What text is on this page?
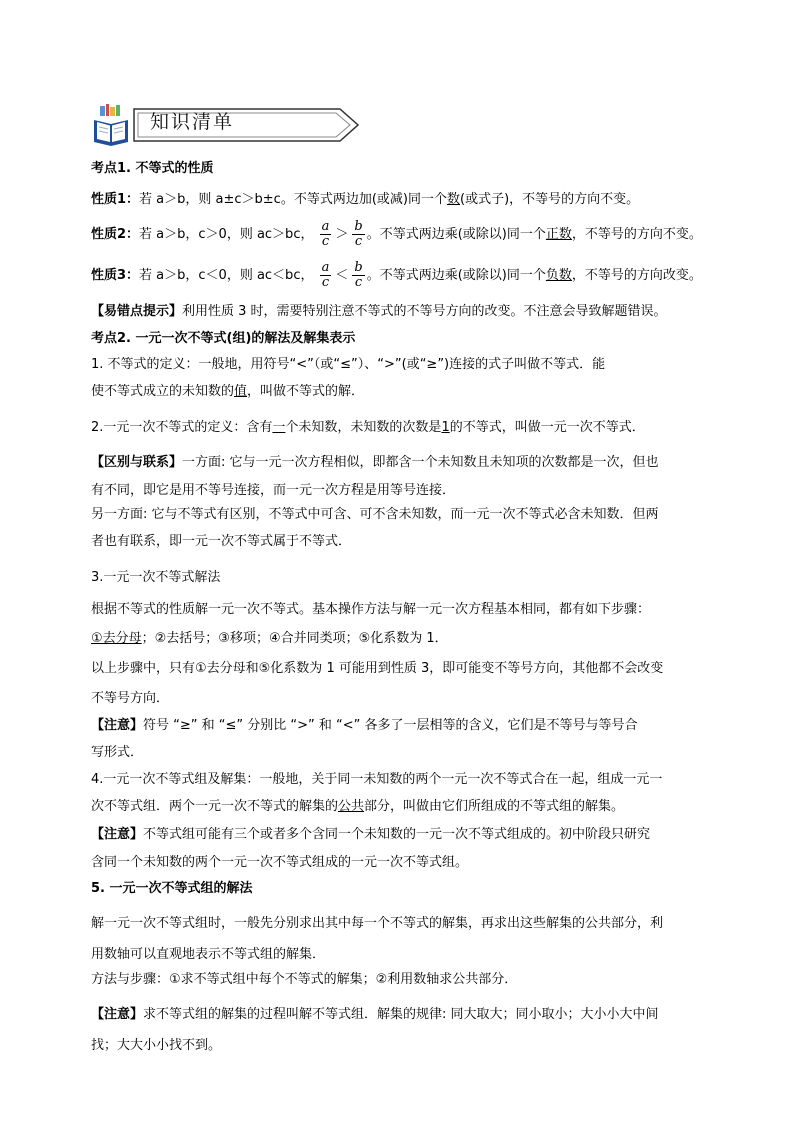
知识清单
考点1. 不等式的性质
性质1：若 a＞b，则 a±c＞b±c。不等式两边加(或减)同一个数(或式子)，不等号的方向不变。
性质2：若 a＞b，c＞0，则 ac＞bc， $\frac{a}{c} > \frac{b}{c}$ 。不等式两边乘(或除以)同一个正数，不等号的方向不变。
性质3：若 a＞b，c＜0，则 ac＜bc， $\frac{a}{c} < \frac{b}{c}$ 。不等式两边乘(或除以)同一个负数，不等号的方向改变。
【易错点提示】利用性质 3 时，需要特别注意不等式的不等号方向的改变。不注意会导致解题错误。
考点2. 一元一次不等式(组)的解法及解集表示
1. 不等式的定义：一般地，用符号“<”（或“≤”）、“>”(或“≥”)连接的式子叫做不等式．能
使不等式成立的未知数的值，叫做不等式的解．
2.一元一次不等式的定义：含有一个未知数，未知数的次数是1的不等式，叫做一元一次不等式．
【区别与联系】一方面: 它与一元一次方程相似，即都含一个未知数且未知项的次数都是一次，但也
有不同，即它是用不等号连接，而一元一次方程是用等号连接．
另一方面: 它与不等式有区别，不等式中可含、可不含未知数，而一元一次不等式必含未知数．但两
者也有联系，即一元一次不等式属于不等式．
3.一元一次不等式解法
根据不等式的性质解一元一次不等式。基本操作方法与解一元一次方程基本相同，都有如下步骤：
①去分母；②去括号；③移项；④合并同类项；⑤化系数为 1．
以上步骤中，只有①去分母和⑤化系数为 1 可能用到性质 3，即可能变不等号方向，其他都不会改变
不等号方向．
【注意】符号 “≥” 和 “≤” 分别比 “>” 和 “<” 各多了一层相等的含义，它们是不等号与等号合
写形式．
4.一元一次不等式组及解集：一般地，关于同一未知数的两个一元一次不等式合在一起，组成一元一
次不等式组．两个一元一次不等式的解集的公共部分，叫做由它们所组成的不等式组的解集。
【注意】不等式组可能有三个或者多个含同一个未知数的一元一次不等式组成的。初中阶段只研究
含同一个未知数的两个一元一次不等式组成的一元一次不等式组。
5. 一元一次不等式组的解法
解一元一次不等式组时，一般先分别求出其中每一个不等式的解集，再求出这些解集的公共部分，利
用数轴可以直观地表示不等式组的解集．
方法与步骤：①求不等式组中每个不等式的解集；②利用数轴求公共部分．
【注意】求不等式组的解集的过程叫解不等式组．解集的规律: 同大取大；同小取小；大小小大中间
找；大大小小找不到。
